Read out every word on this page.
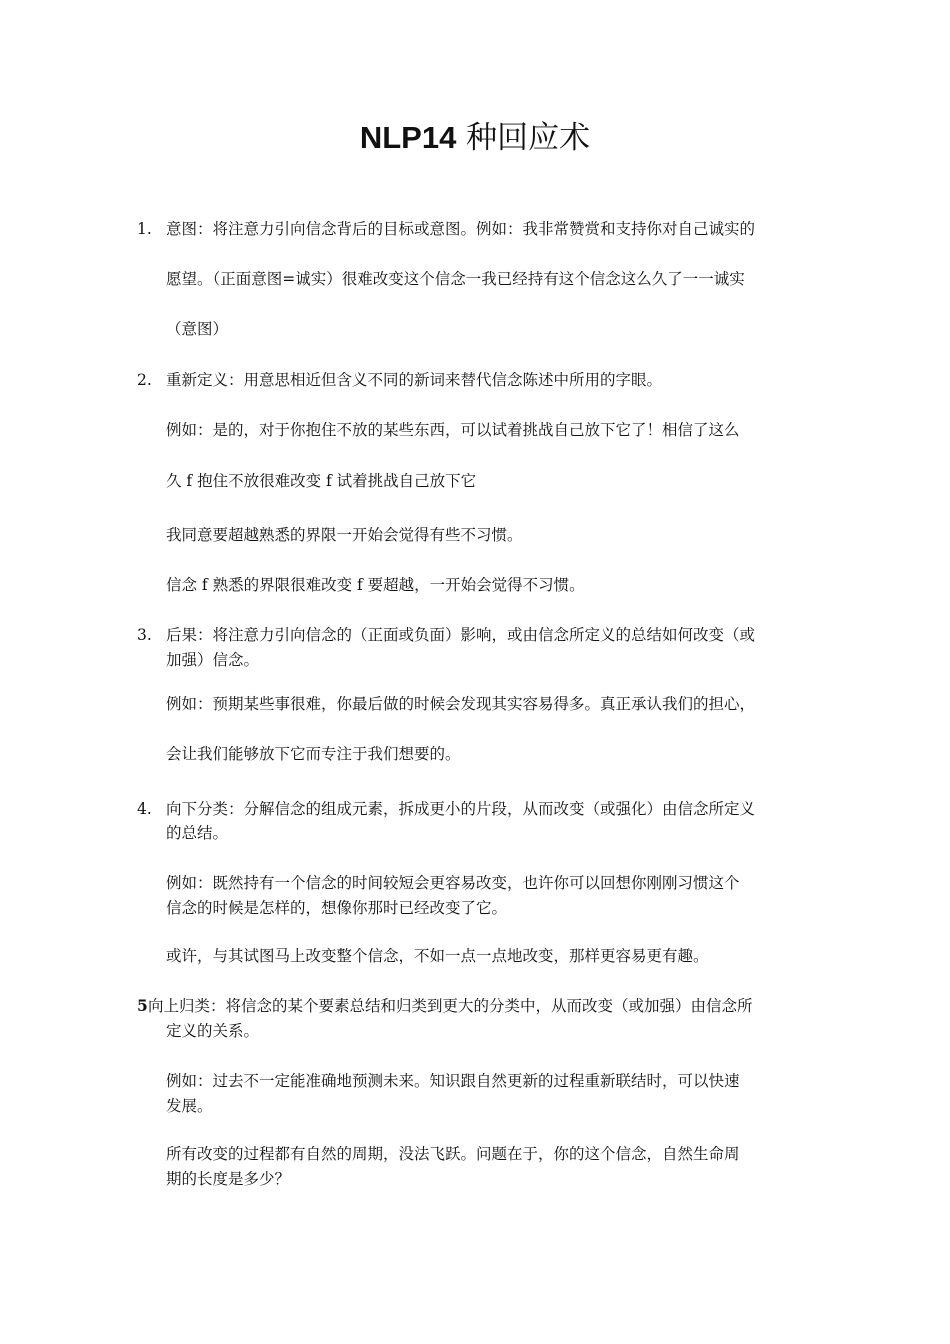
NLP14 种回应术
1. 意图：将注意力引向信念背后的目标或意图。例如：我非常赞赏和支持你对自己诚实的
愿望。（正面意图=诚实）很难改变这个信念一我已经持有这个信念这么久了一一诚实
（意图）
2. 重新定义：用意思相近但含义不同的新词来替代信念陈述中所用的字眼。
例如：是的，对于你抱住不放的某些东西，可以试着挑战自己放下它了！相信了这么
久 f 抱住不放很难改变 f 试着挑战自己放下它
我同意要超越熟悉的界限一开始会觉得有些不习惯。
信念 f 熟悉的界限很难改变 f 要超越，一开始会觉得不习惯。
3. 后果：将注意力引向信念的（正面或负面）影响，或由信念所定义的总结如何改变（或
加强）信念。
例如：预期某些事很难，你最后做的时候会发现其实容易得多。真正承认我们的担心，
会让我们能够放下它而专注于我们想要的。
4. 向下分类：分解信念的组成元素，拆成更小的片段，从而改变（或强化）由信念所定义
的总结。
例如：既然持有一个信念的时间较短会更容易改变，也许你可以回想你刚刚习惯这个
信念的时候是怎样的，想像你那时已经改变了它。
或许，与其试图马上改变整个信念，不如一点一点地改变，那样更容易更有趣。
5 向上归类：将信念的某个要素总结和归类到更大的分类中，从而改变（或加强）由信念所
定义的关系。
例如：过去不一定能准确地预测未来。知识跟自然更新的过程重新联结时，可以快速
发展。
所有改变的过程都有自然的周期，没法飞跃。问题在于，你的这个信念，自然生命周
期的长度是多少？
